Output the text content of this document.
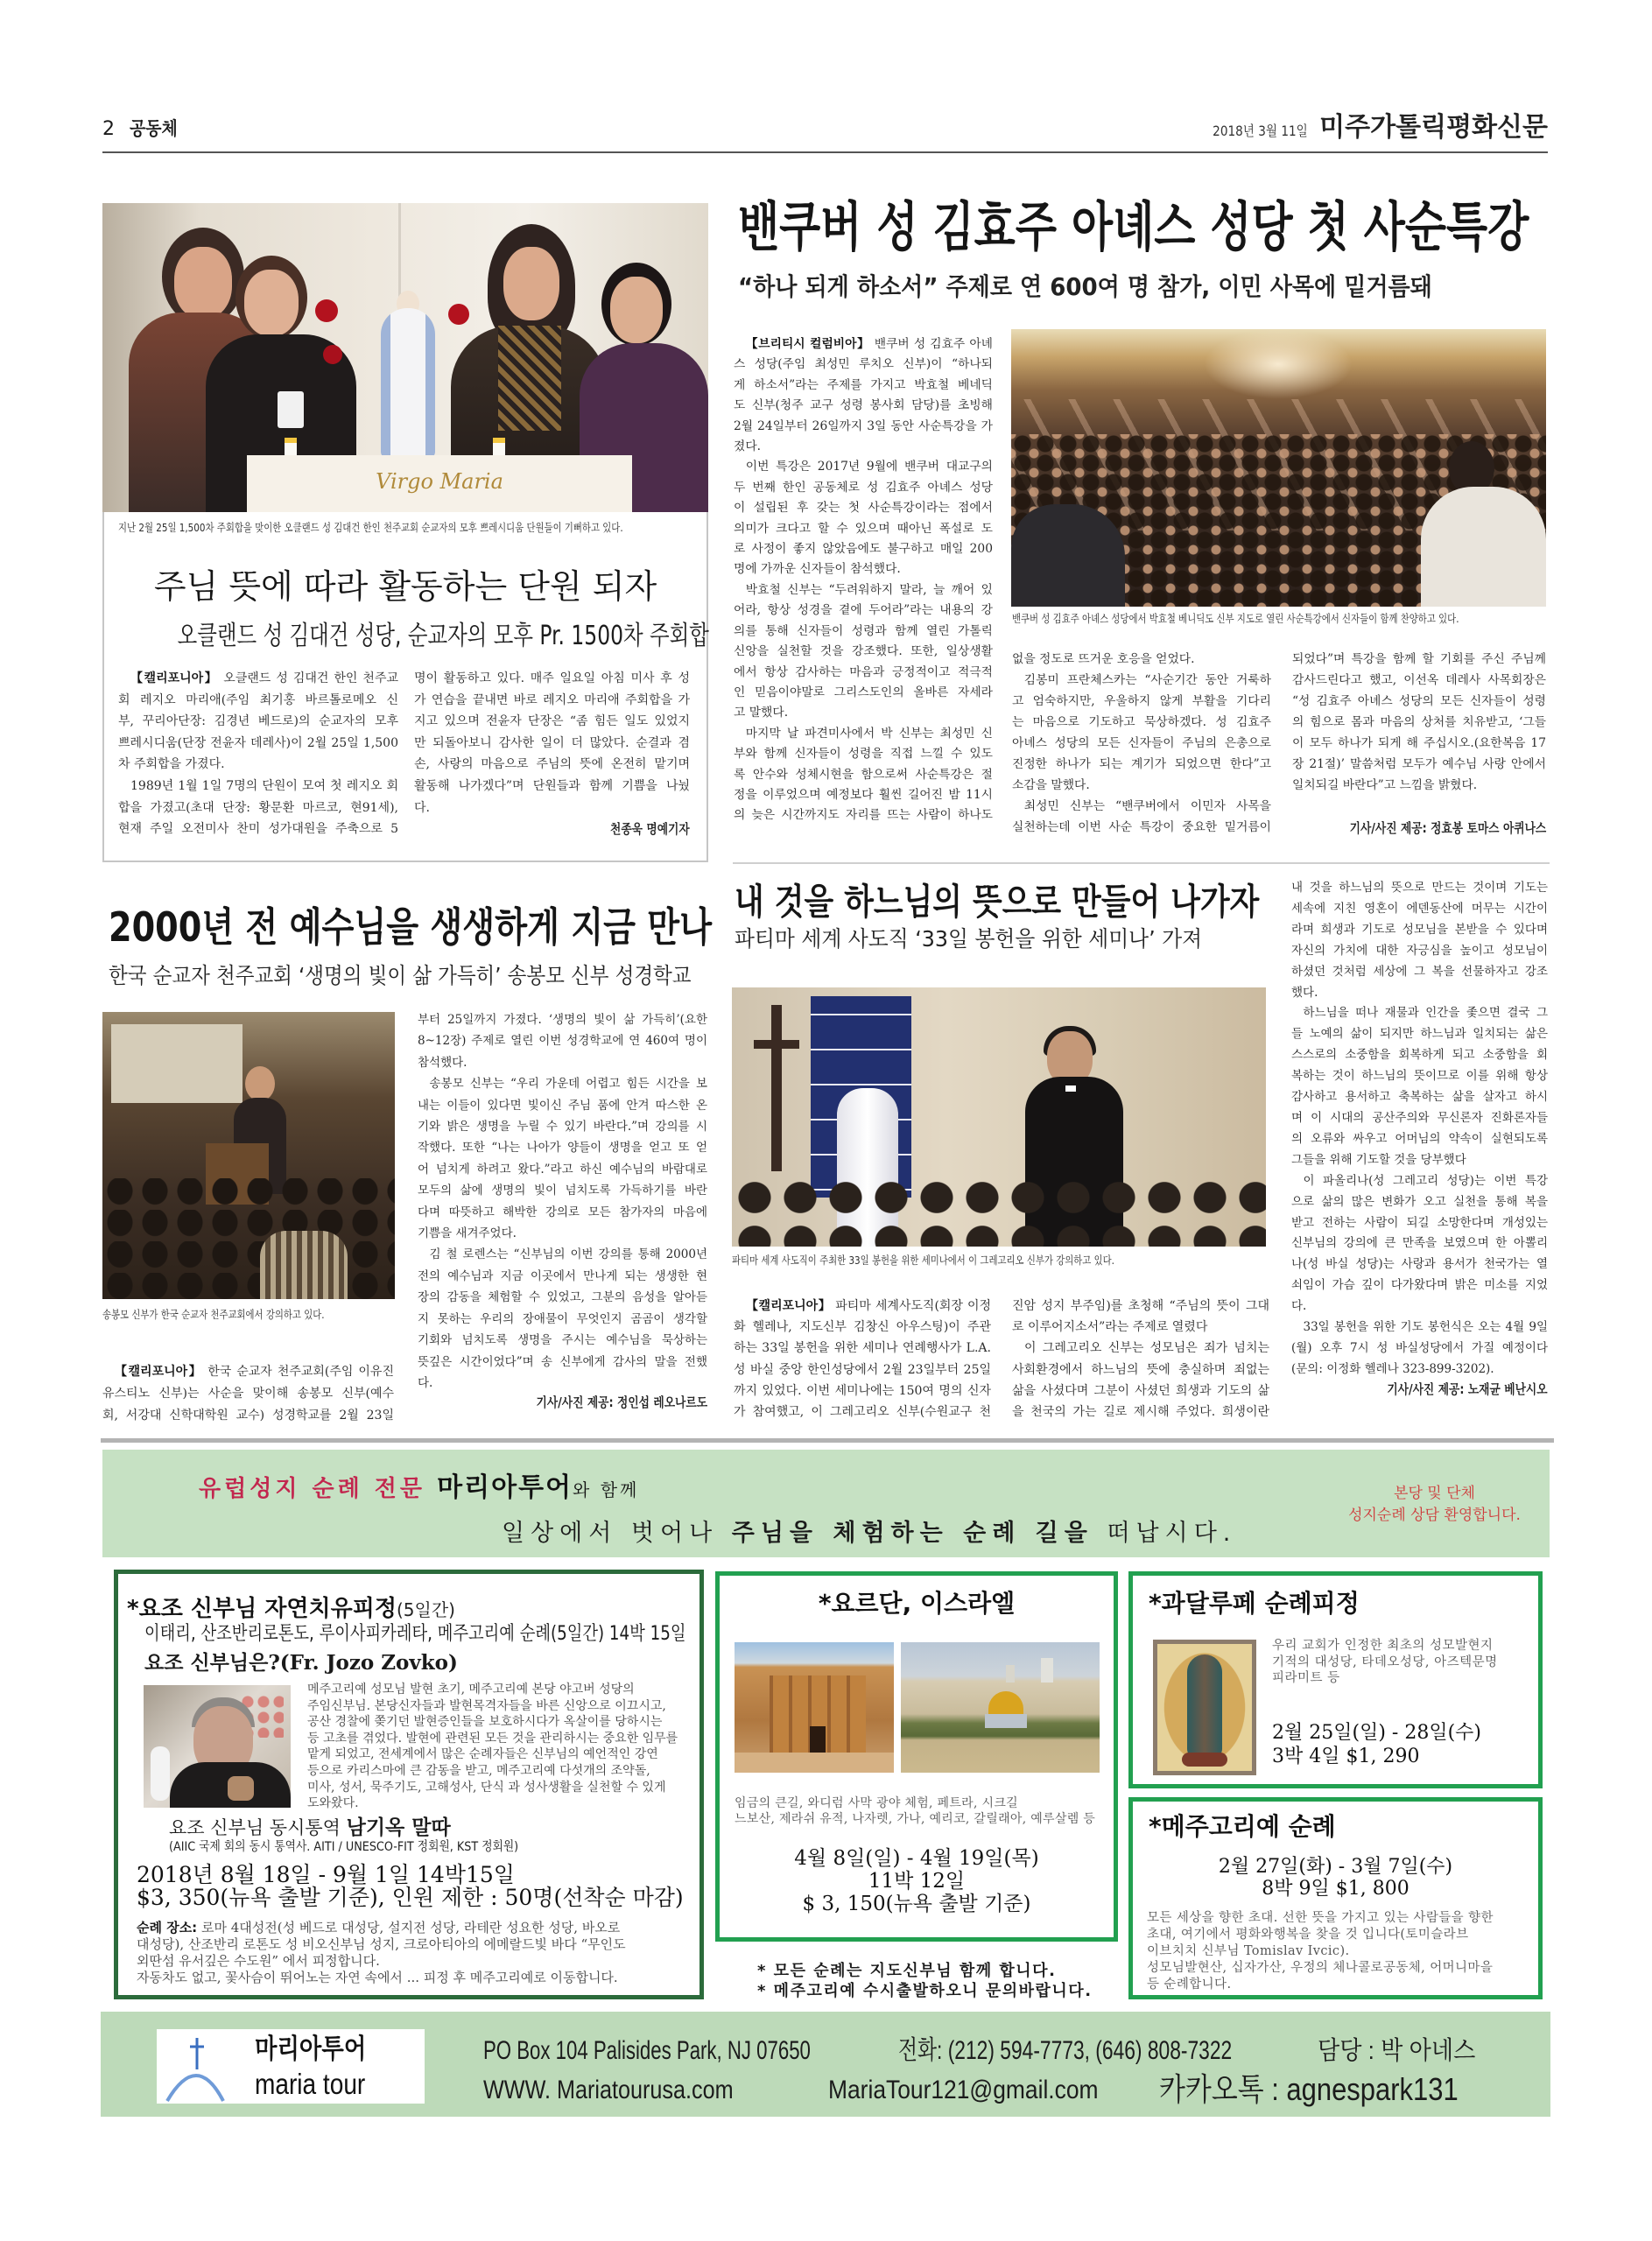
2 공동체	2018년 3월 11일 미주가톨릭평화신문
Virgo Maria
지난 2월 25일 1,500차 주회합을 맞이한 오클랜드 성 김대건 한인 천주교회 순교자의 모후 쁘레시디움 단원들이 기뻐하고 있다.
주님 뜻에 따라 활동하는 단원 되자
오클랜드 성 김대건 성당, 순교자의 모후 Pr. 1500차 주회합
【캘리포니아】 오클랜드 성 김대건 한인 천주교
회 레지오 마리애(주임 최기홍 바르톨로메오 신
부, 꾸리아단장: 김경년 베드로)의 순교자의 모후
쁘레시디움(단장 전윤자 데레사)이 2월 25일 1,500
차 주회합을 가졌다.
1989년 1월 1일 7명의 단원이 모여 첫 레지오 회
합을 가졌고(초대 단장: 황문환 마르코, 현91세),
현재 주일 오전미사 찬미 성가대원을 주축으로 5
명이 활동하고 있다. 매주 일요일 아침 미사 후 성
가 연습을 끝내면 바로 레지오 마리애 주회합을 가
지고 있으며 전윤자 단장은 “좀 힘든 일도 있었지
만 되돌아보니 감사한 일이 더 많았다. 순결과 겸
손, 사랑의 마음으로 주님의 뜻에 온전히 맡기며
활동해 나가겠다”며 단원들과 함께 기쁨을 나눴
다.
천종욱 명예기자
밴쿠버 성 김효주 아녜스 성당 첫 사순특강
“하나 되게 하소서” 주제로 연 600여 명 참가, 이민 사목에 밑거름돼
【브리티시 컬럼비아】 밴쿠버 성 김효주 아녜
스 성당(주임 최성민 루치오 신부)이 “하나되
게 하소서”라는 주제를 가지고 박효철 베네딕
도 신부(청주 교구 성령 봉사회 담당)를 초빙해
2월 24일부터 26일까지 3일 동안 사순특강을 가
졌다.
이번 특강은 2017년 9월에 밴쿠버 대교구의
두 번째 한인 공동체로 성 김효주 아녜스 성당
이 설립된 후 갖는 첫 사순특강이라는 점에서
의미가 크다고 할 수 있으며 때아닌 폭설로 도
로 사정이 좋지 않았음에도 불구하고 매일 200
명에 가까운 신자들이 참석했다.
박효철 신부는 “두려워하지 말라, 늘 깨어 있
어라, 항상 성경을 곁에 두어라”라는 내용의 강
의를 통해 신자들이 성령과 함께 열린 가톨릭
신앙을 실천할 것을 강조했다. 또한, 일상생활
에서 항상 감사하는 마음과 긍정적이고 적극적
인 믿음이야말로 그리스도인의 올바른 자세라
고 말했다.
마지막 날 파견미사에서 박 신부는 최성민 신
부와 함께 신자들이 성령을 직접 느낄 수 있도
록 안수와 성체시현을 함으로써 사순특강은 절
정을 이루었으며 예정보다 훨씬 길어진 밤 11시
의 늦은 시간까지도 자리를 뜨는 사람이 하나도
밴쿠버 성 김효주 아녜스 성당에서 박효철 베니딕도 신부 지도로 열린 사순특강에서 신자들이 함께 찬양하고 있다.
없을 정도로 뜨거운 호응을 얻었다.
김봉미 프란체스카는 “사순기간 동안 거룩하
고 엄숙하지만, 우울하지 않게 부활을 기다리
는 마음으로 기도하고 묵상하겠다. 성 김효주
아녜스 성당의 모든 신자들이 주님의 은총으로
진정한 하나가 되는 계기가 되었으면 한다”고
소감을 말했다.
최성민 신부는 “밴쿠버에서 이민자 사목을
실천하는데 이번 사순 특강이 중요한 밑거름이
되었다”며 특강을 함께 할 기회를 주신 주님께
감사드린다고 했고, 이선옥 데레사 사목회장은
“성 김효주 아녜스 성당의 모든 신자들이 성령
의 힘으로 몸과 마음의 상처를 치유받고, ‘그들
이 모두 하나가 되게 해 주십시오.(요한복음 17
장 21절)’ 말씀처럼 모두가 예수님 사랑 안에서
일치되길 바란다”고 느낌을 밝혔다.
기사/사진 제공: 정효봉 토마스 아퀴나스
2000년 전 예수님을 생생하게 지금 만나
한국 순교자 천주교회 ‘생명의 빛이 삶 가득히’ 송봉모 신부 성경학교
송봉모 신부가 한국 순교자 천주교회에서 강의하고 있다.
【캘리포니아】 한국 순교자 천주교회(주임 이유진
유스티노 신부)는 사순을 맞이해 송봉모 신부(예수
회, 서강대 신학대학원 교수) 성경학교를 2월 23일
부터 25일까지 가졌다. ‘생명의 빛이 삶 가득히’(요한
8~12장) 주제로 열린 이번 성경학교에 연 460여 명이
참석했다.
송봉모 신부는 “우리 가운데 어렵고 힘든 시간을 보
내는 이들이 있다면 빛이신 주님 품에 안겨 따스한 온
기와 밝은 생명을 누릴 수 있기 바란다.”며 강의를 시
작했다. 또한 “나는 나아가 양들이 생명을 얻고 또 얻
어 넘치게 하려고 왔다.”라고 하신 예수님의 바람대로
모두의 삶에 생명의 빛이 넘치도록 가득하기를 바란
다며 따뜻하고 해박한 강의로 모든 참가자의 마음에
기쁨을 새겨주었다.
김 철 로렌스는 “신부님의 이번 강의를 통해 2000년
전의 예수님과 지금 이곳에서 만나게 되는 생생한 현
장의 감동을 체험할 수 있었고, 그분의 음성을 알아듣
지 못하는 우리의 장애물이 무엇인지 곰곰이 생각할
기회와 넘치도록 생명을 주시는 예수님을 묵상하는
뜻깊은 시간이었다”며 송 신부에게 감사의 말을 전했
다.
기사/사진 제공: 정인섭 레오나르도
내 것을 하느님의 뜻으로 만들어 나가자
파티마 세계 사도직 ‘33일 봉헌을 위한 세미나’ 가져
파티마 세계 사도직이 주최한 33일 봉헌을 위한 세미나에서 이 그레고리오 신부가 강의하고 있다.
【캘리포니아】 파티마 세계사도직(회장 이정
화 헬레나, 지도신부 김창신 아우스팅)이 주관
하는 33일 봉헌을 위한 세미나 연례행사가 L.A.
성 바실 중앙 한인성당에서 2월 23일부터 25일
까지 있었다. 이번 세미나에는 150여 명의 신자
가 참여했고, 이 그레고리오 신부(수원교구 천
진암 성지 부주임)를 초청해 “주님의 뜻이 그대
로 이루어지소서”라는 주제로 열렸다
이 그레고리오 신부는 성모님은 죄가 넘치는
사회환경에서 하느님의 뜻에 충실하며 죄없는
삶을 사셨다며 그분이 사셨던 희생과 기도의 삶
을 천국의 가는 길로 제시해 주었다. 희생이란
내 것을 하느님의 뜻으로 만드는 것이며 기도는
세속에 지친 영혼이 에덴동산에 머무는 시간이
라며 희생과 기도로 성모님을 본받을 수 있다며
자신의 가치에 대한 자긍심을 높이고 성모님이
하셨던 것처럼 세상에 그 복을 선물하자고 강조
했다.
하느님을 떠나 재물과 인간을 좇으면 결국 그
들 노예의 삶이 되지만 하느님과 일치되는 삶은
스스로의 소중함을 회복하게 되고 소중함을 회
복하는 것이 하느님의 뜻이므로 이를 위해 항상
감사하고 용서하고 축복하는 삶을 살자고 하시
며 이 시대의 공산주의와 무신론자 진화론자들
의 오류와 싸우고 어머님의 약속이 실현되도록
그들을 위해 기도할 것을 당부했다
이 파올리나(성 그레고리 성당)는 이번 특강
으로 삶의 많은 변화가 오고 실천을 통해 복을
받고 전하는 사람이 되길 소망한다며 개성있는
신부님의 강의에 큰 만족을 보였으며 한 아뽈리
나(성 바실 성당)는 사랑과 용서가 천국가는 열
쇠임이 가슴 깊이 다가왔다며 밝은 미소를 지었
다.
33일 봉헌을 위한 기도 봉헌식은 오는 4월 9일
(월) 오후 7시 성 바실성당에서 가질 예정이다
(문의: 이정화 헬레나 323-899-3202).
기사/사진 제공: 노재균 베난시오
유럽성지 순례 전문 마리아투어와 함께
일상에서 벗어나 주님을 체험하는 순례 길을 떠납시다.
본당 및 단체
성지순례 상담 환영합니다.
*요조 신부님 자연치유피정(5일간)
이태리, 산조반리로톤도, 루이사피카레타, 메주고리예 순례(5일간) 14박 15일
요조 신부님은?(Fr. Jozo Zovko)
메주고리예 성모님 발현 초기, 메주고리예 본당 야고버 성당의
주임신부님. 본당신자들과 발현목격자들을 바른 신앙으로 이끄시고,
공산 경찰에 쫒기던 발현증인들을 보호하시다가 옥살이를 당하시는
등 고초를 겪었다. 발현에 관련된 모든 것을 관리하시는 중요한 임무를
맡게 되었고, 전세계에서 많은 순례자들은 신부님의 예언적인 강연
등으로 카리스마에 큰 감동을 받고, 메주고리예 다섯개의 조약돌,
미사, 성서, 묵주기도, 고해성사, 단식 과 성사생활을 실천할 수 있게
도와왔다.
요조 신부님 동시통역 남기옥 말따
(AIIC 국제 회의 동시 통역사. AITI / UNESCO-FIT 정회원, KST 정회원)
2018년 8월 18일 - 9월 1일 14박15일
$3, 350(뉴욕 출발 기준), 인원 제한 : 50명(선착순 마감)
순례 장소: 로마 4대성전(성 베드로 대성당, 설지전 성당, 라테란 성요한 성당, 바오로
대성당), 산조반리 로톤도 성 비오신부님 성지, 크로아티아의 에메랄드빛 바다 “무인도
외딴섬 유서깊은 수도원” 에서 피정합니다.
자동차도 없고, 꽃사슴이 뛰어노는 자연 속에서 ... 피정 후 메주고리예로 이동합니다.
*요르단, 이스라엘
임금의 큰길, 와디럼 사막 광야 체험, 페트라, 시크길
느보산, 제라쉬 유적, 나자렛, 가나, 예리코, 갈릴래아, 예루살렘 등
4월 8일(일) - 4월 19일(목)
11박 12일
$ 3, 150(뉴욕 출발 기준)
* 모든 순례는 지도신부님 함께 합니다.
* 메주고리예 수시출발하오니 문의바랍니다.
*과달루페 순례피정
우리 교회가 인정한 최초의 성모발현지
기적의 대성당, 타데오성당, 아즈텍문명
피라미트 등
2월 25일(일) - 28일(수)
3박 4일 $1, 290
*메주고리예 순례
2월 27일(화) - 3월 7일(수)
8박 9일 $1, 800
모든 세상을 향한 초대. 선한 뜻을 가지고 있는 사람들을 향한
초대, 여기에서 평화와행복을 찾을 것 입니다(토미슬라브
이브치치 신부님 Tomislav Ivcic).
성모님발현산, 십자가산, 우정의 체나콜로공동체, 어머니마을
등 순례합니다.
마리아투어
maria tour
PO Box 104 Palisides Park, NJ 07650	전화: (212) 594-7773, (646) 808-7322	담당 : 박 아네스
WWW. Mariatourusa.com	MariaTour121@gmail.com 카카오톡 : agnespark131
